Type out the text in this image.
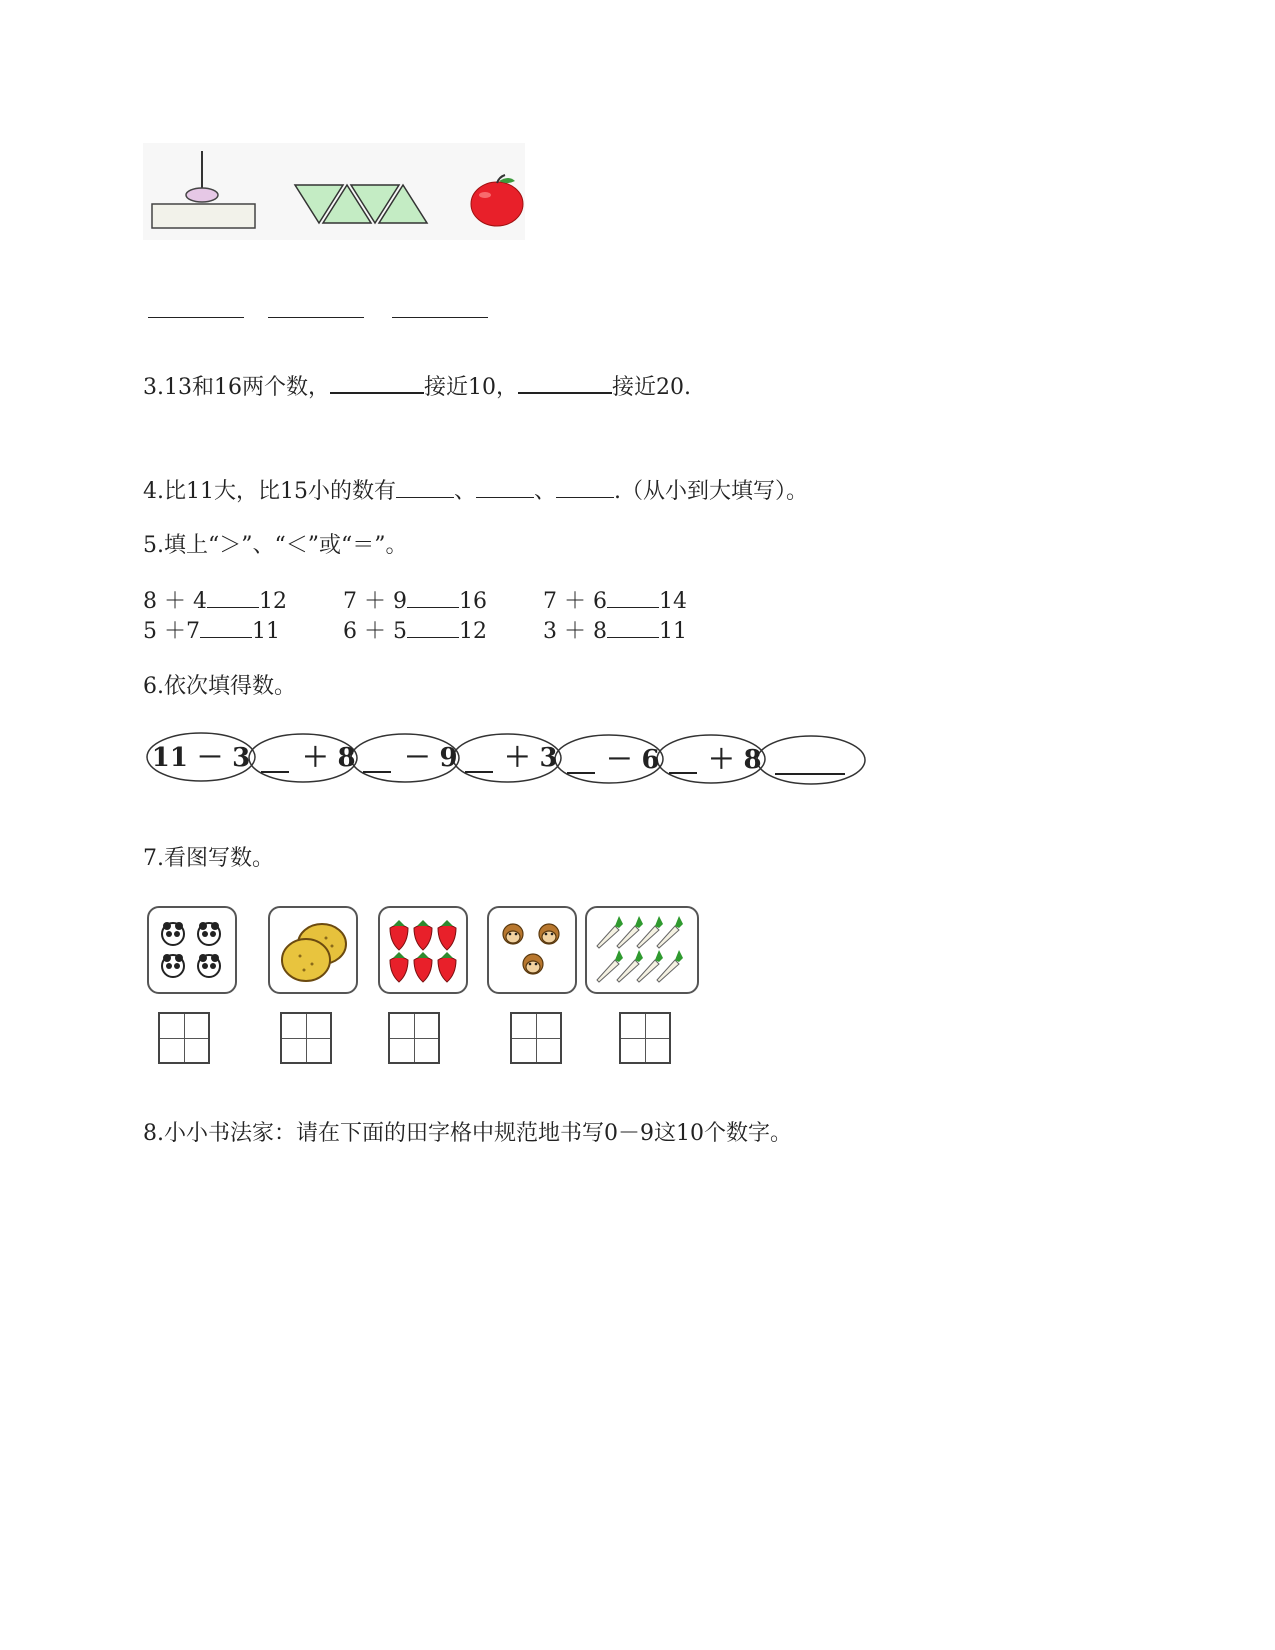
3.13和16两个数，	接近10，	接近20.
4.比11大，比15小的数有	、	、	.（从小到大填写）。
5.填上“＞”、“＜”或“＝”。
8 ＋ 4 12	7 ＋ 9 16	7 ＋ 6 14
5 ＋7 11	6 ＋ 5 12	3 ＋ 8 11
6.依次填得数。
11 － 3 ＋ 8 － 9 ＋ 3 － 6 ＋ 8
7.看图写数。
8.小小书法家：请在下面的田字格中规范地书写0－9这10个数字。
